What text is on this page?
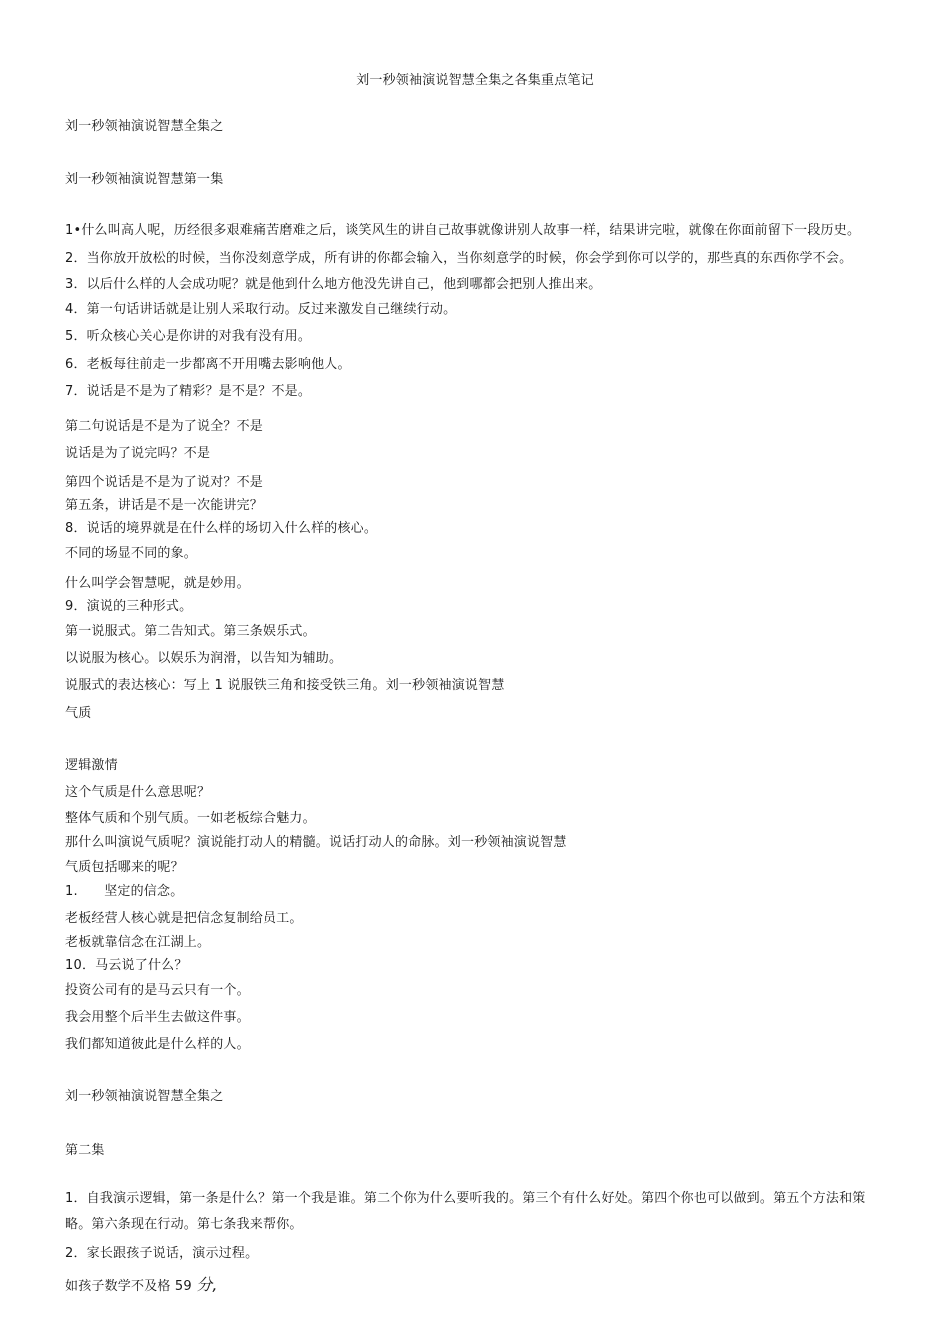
刘一秒领袖演说智慧全集之各集重点笔记
刘一秒领袖演说智慧全集之
刘一秒领袖演说智慧第一集
1•什么叫高人呢，历经很多艰难痛苦磨难之后，谈笑风生的讲自己故事就像讲别人故事一样，结果讲完啦，就像在你面前留下一段历史。
2．当你放开放松的时候，当你没刻意学成，所有讲的你都会输入，当你刻意学的时候，你会学到你可以学的，那些真的东西你学不会。
3．以后什么样的人会成功呢？就是他到什么地方他没先讲自己，他到哪都会把别人推出来。
4．第一句话讲话就是让别人采取行动。反过来激发自己继续行动。
5．听众核心关心是你讲的对我有没有用。
6．老板每往前走一步都离不开用嘴去影响他人。
7．说话是不是为了精彩？是不是？不是。
第二句说话是不是为了说全？不是
说话是为了说完吗？不是
第四个说话是不是为了说对？不是
第五条，讲话是不是一次能讲完？
8．说话的境界就是在什么样的场切入什么样的核心。
不同的场显不同的象。
什么叫学会智慧呢，就是妙用。
9．演说的三种形式。
第一说服式。第二告知式。第三条娱乐式。
以说服为核心。以娱乐为润滑，以告知为辅助。
说服式的表达核心：写上 1 说服铁三角和接受铁三角。刘一秒领袖演说智慧
气质
逻辑激情
这个气质是什么意思呢？
整体气质和个别气质。一如老板综合魅力。
那什么叫演说气质呢？演说能打动人的精髓。说话打动人的命脉。刘一秒领袖演说智慧
气质包括哪来的呢？
1.　　坚定的信念。
老板经营人核心就是把信念复制给员工。
老板就靠信念在江湖上。
10．马云说了什么？
投资公司有的是马云只有一个。
我会用整个后半生去做这件事。
我们都知道彼此是什么样的人。
刘一秒领袖演说智慧全集之
第二集
1．自我演示逻辑，第一条是什么？第一个我是谁。第二个你为什么要听我的。第三个有什么好处。第四个你也可以做到。第五个方法和策略。第六条现在行动。第七条我来帮你。
2．家长跟孩子说话，演示过程。
如孩子数学不及格 59 分,
